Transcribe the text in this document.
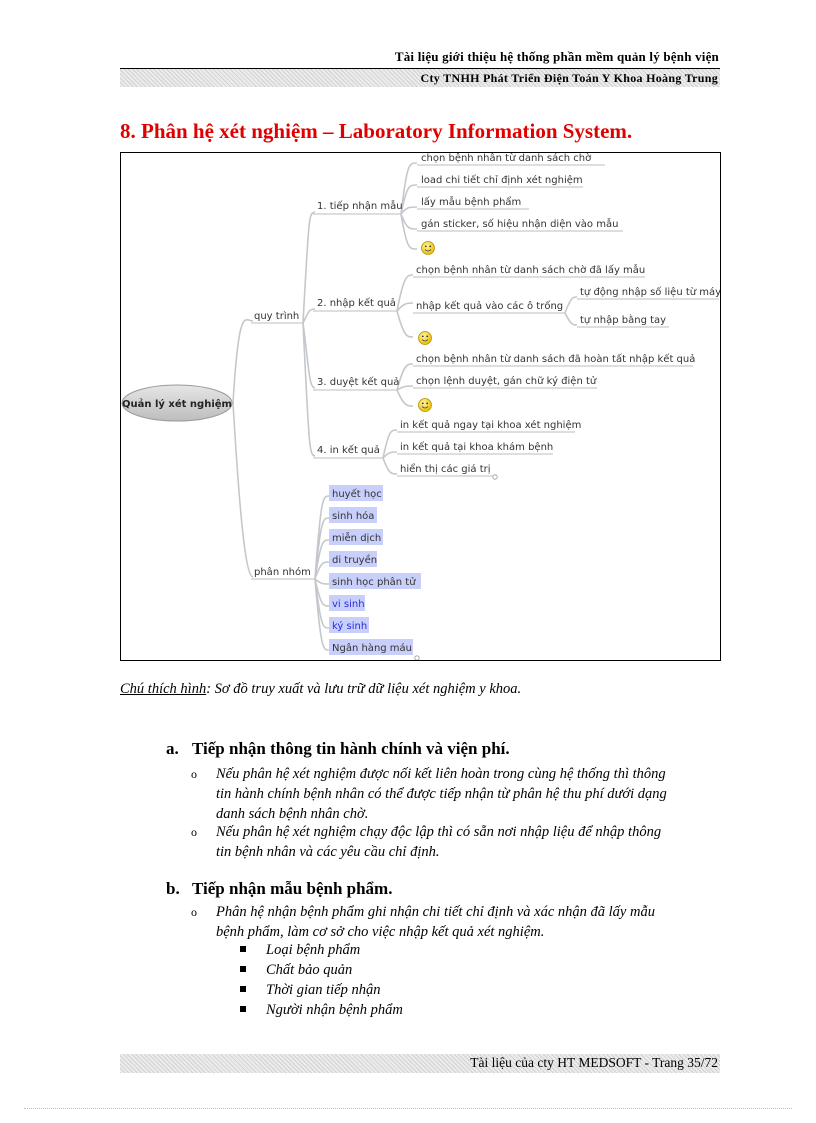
Tài liệu giới thiệu hệ thống phần mềm quản lý bệnh viện
Cty TNHH Phát Triển Điện Toán Y Khoa Hoàng Trung
8. Phân hệ xét nghiệm – Laboratory Information System.
Quản lý xét nghiệm
quy trình
phân nhóm
1. tiếp nhận mẫu
2. nhập kết quả
3. duyệt kết quả
4. in kết quả
chọn bệnh nhân từ danh sách chờ
load chi tiết chỉ định xét nghiệm
lấy mẫu bệnh phẩm
gán sticker, số hiệu nhận diện vào mẫu
chọn bệnh nhân từ danh sách chờ đã lấy mẫu
nhập kết quả vào các ô trống
tự động nhập số liệu từ máy
tự nhập bằng tay
chọn bệnh nhân từ danh sách đã hoàn tất nhập kết quả
chọn lệnh duyệt, gán chữ ký điện tử
in kết quả ngay tại khoa xét nghiệm
in kết quả tại khoa khám bệnh
hiển thị các giá trị
huyết học
sinh hóa
miễn dịch
di truyền
sinh học phân tử
vi sinh
ký sinh
Ngân hàng máu
Chú thích hình: Sơ đồ truy xuất và lưu trữ dữ liệu xét nghiệm y khoa.
a. Tiếp nhận thông tin hành chính và viện phí.
o Nếu phân hệ xét nghiệm được nối kết liên hoàn trong cùng hệ thống thì thông
tin hành chính bệnh nhân có thể được tiếp nhận từ phân hệ thu phí dưới dạng
danh sách bệnh nhân chờ.
o Nếu phân hệ xét nghiệm chạy độc lập thì có sẵn nơi nhập liệu để nhập thông
tin bệnh nhân và các yêu cầu chỉ định.
b. Tiếp nhận mẫu bệnh phẩm.
o Phân hệ nhận bệnh phẩm ghi nhận chi tiết chỉ định và xác nhận đã lấy mẫu
bệnh phẩm, làm cơ sở cho việc nhập kết quả xét nghiệm.
Loại bệnh phẩm
Chất bảo quản
Thời gian tiếp nhận
Người nhận bệnh phẩm
Tài liệu của cty HT MEDSOFT - Trang 35/72
